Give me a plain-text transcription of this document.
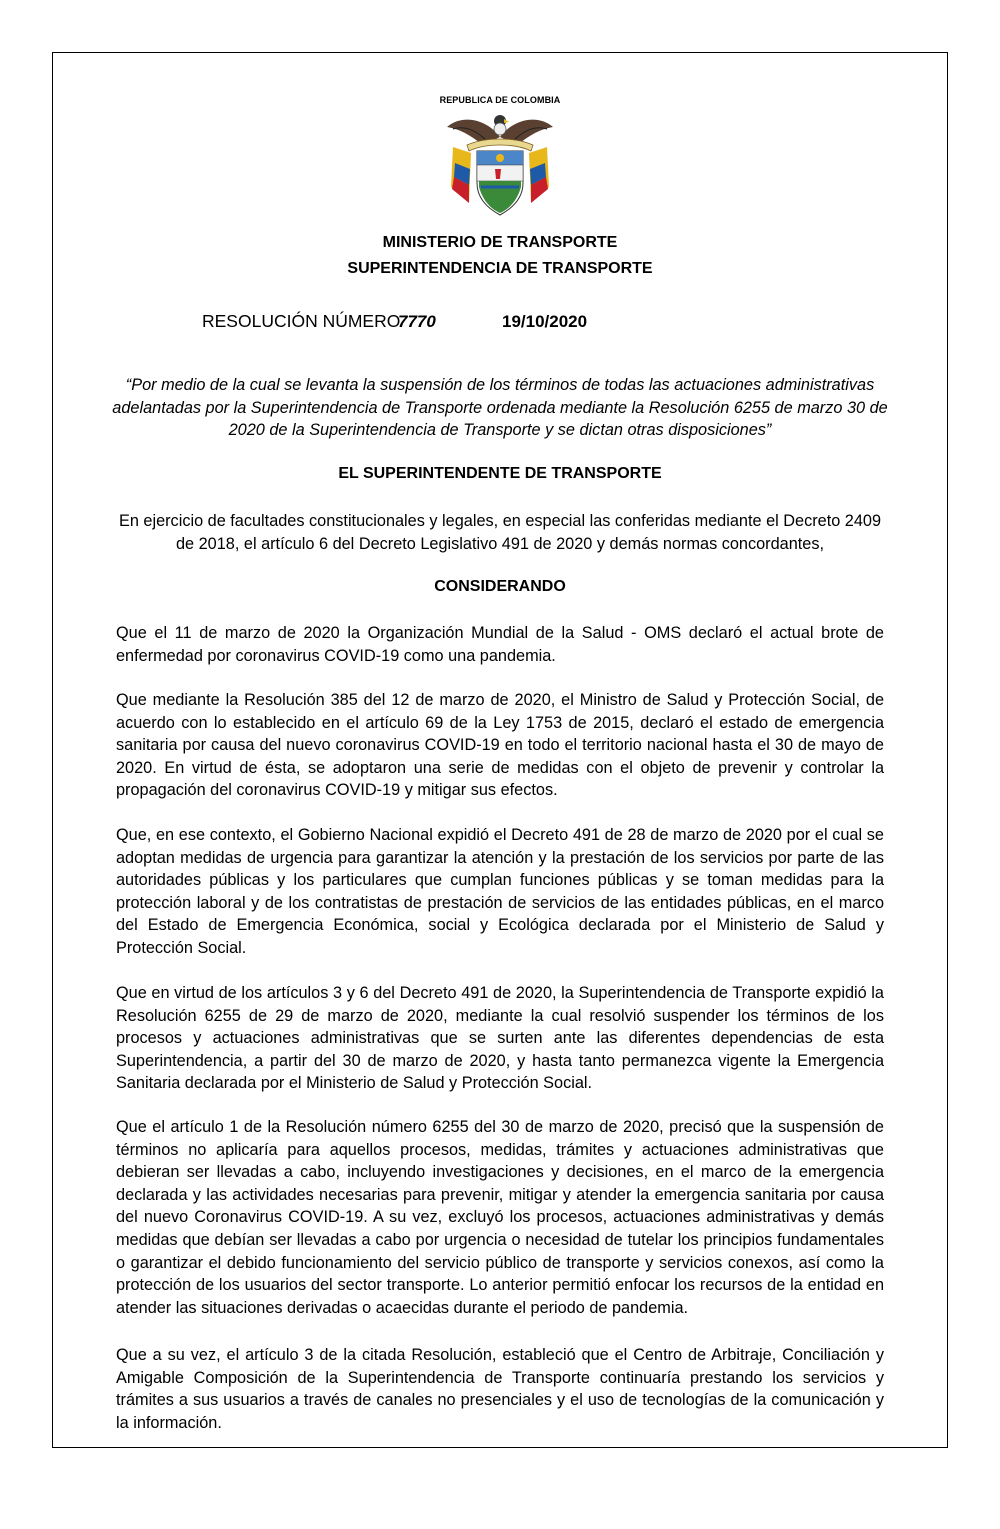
REPUBLICA DE COLOMBIA
MINISTERIO DE TRANSPORTE
SUPERINTENDENCIA DE TRANSPORTE
RESOLUCIÓN NÚMERO
7770	19/10/2020
“Por medio de la cual se levanta la suspensión de los términos de todas las actuaciones administrativas adelantadas por la Superintendencia de Transporte ordenada mediante la Resolución 6255 de marzo 30 de 2020 de la Superintendencia de Transporte y se dictan otras disposiciones”
EL SUPERINTENDENTE DE TRANSPORTE
En ejercicio de facultades constitucionales y legales, en especial las conferidas mediante el Decreto 2409 de 2018, el artículo 6 del Decreto Legislativo 491 de 2020 y demás normas concordantes,
CONSIDERANDO
Que el 11 de marzo de 2020 la Organización Mundial de la Salud - OMS declaró el actual brote de enfermedad por coronavirus COVID-19 como una pandemia.
Que mediante la Resolución 385 del 12 de marzo de 2020, el Ministro de Salud y Protección Social, de acuerdo con lo establecido en el artículo 69 de la Ley 1753 de 2015, declaró el estado de emergencia sanitaria por causa del nuevo coronavirus COVID-19 en todo el territorio nacional hasta el 30 de mayo de 2020. En virtud de ésta, se adoptaron una serie de medidas con el objeto de prevenir y controlar la propagación del coronavirus COVID-19 y mitigar sus efectos.
Que, en ese contexto, el Gobierno Nacional expidió el Decreto 491 de 28 de marzo de 2020 por el cual se adoptan medidas de urgencia para garantizar la atención y la prestación de los servicios por parte de las autoridades públicas y los particulares que cumplan funciones públicas y se toman medidas para la protección laboral y de los contratistas de prestación de servicios de las entidades públicas, en el marco del Estado de Emergencia Económica, social y Ecológica declarada por el Ministerio de Salud y Protección Social.
Que en virtud de los artículos 3 y 6 del Decreto 491 de 2020, la Superintendencia de Transporte expidió la Resolución 6255 de 29 de marzo de 2020, mediante la cual resolvió suspender los términos de los procesos y actuaciones administrativas que se surten ante las diferentes dependencias de esta Superintendencia, a partir del 30 de marzo de 2020, y hasta tanto permanezca vigente la Emergencia Sanitaria declarada por el Ministerio de Salud y Protección Social.
Que el artículo 1 de la Resolución número 6255 del 30 de marzo de 2020, precisó que la suspensión de términos no aplicaría para aquellos procesos, medidas, trámites y actuaciones administrativas que debieran ser llevadas a cabo, incluyendo investigaciones y decisiones, en el marco de la emergencia declarada y las actividades necesarias para prevenir, mitigar y atender la emergencia sanitaria por causa del nuevo Coronavirus COVID-19. A su vez, excluyó los procesos, actuaciones administrativas y demás medidas que debían ser llevadas a cabo por urgencia o necesidad de tutelar los principios fundamentales o garantizar el debido funcionamiento del servicio público de transporte y servicios conexos, así como la protección de los usuarios del sector transporte. Lo anterior permitió enfocar los recursos de la entidad en atender las situaciones derivadas o acaecidas durante el periodo de pandemia.
Que a su vez, el artículo 3 de la citada Resolución, estableció que el Centro de Arbitraje, Conciliación y Amigable Composición de la Superintendencia de Transporte continuaría prestando los servicios y trámites a sus usuarios a través de canales no presenciales y el uso de tecnologías de la comunicación y la información.
